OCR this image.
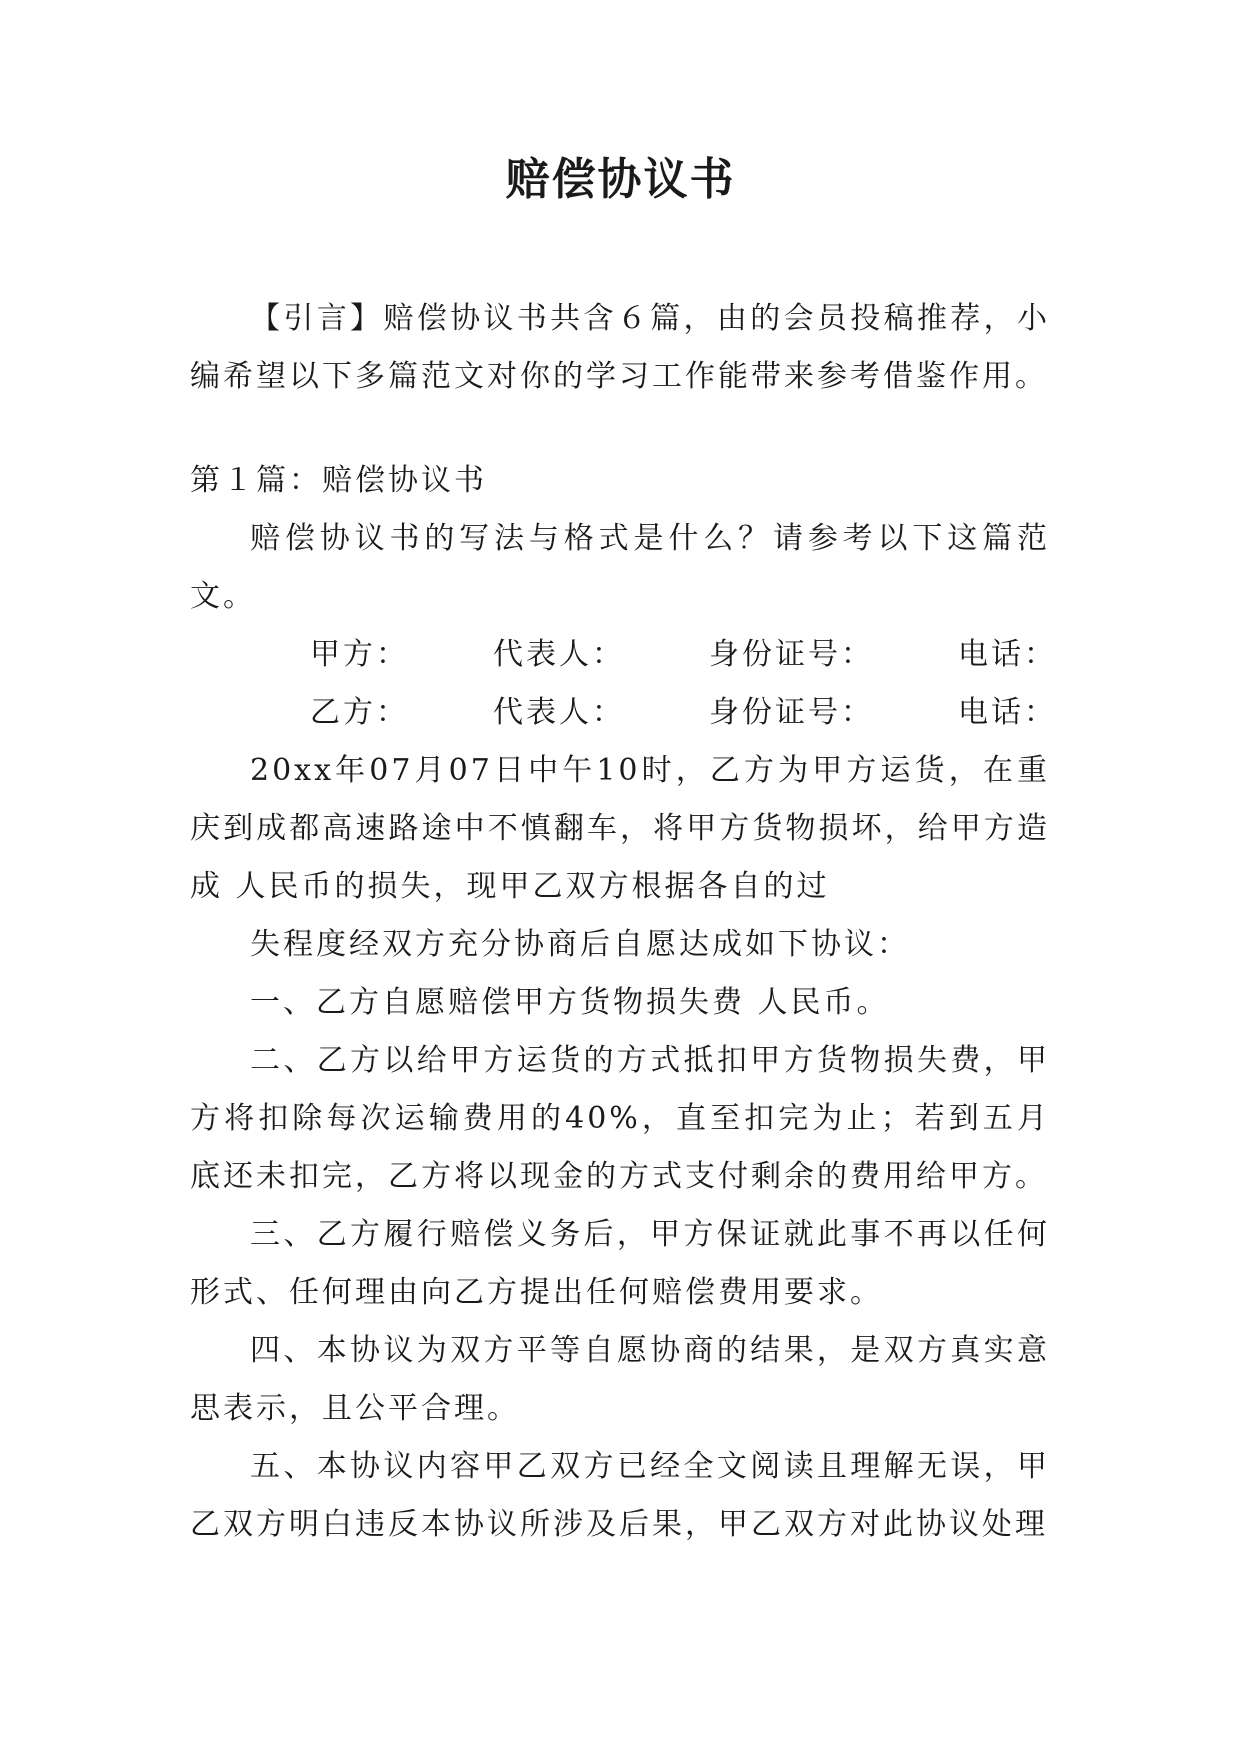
赔偿协议书

【引言】赔偿协议书共含６篇，由的会员投稿推荐，小编希望以下多篇范文对你的学习工作能带来参考借鉴作用。

第１篇：赔偿协议书

赔偿协议书的写法与格式是什么？请参考以下这篇范文。

甲方：	代表人：	身份证号：	电话：

乙方：	代表人：	身份证号：	电话：

20xx年07月07日中午10时，乙方为甲方运货，在重庆到成都高速路途中不慎翻车，将甲方货物损坏，给甲方造成 人民币的损失，现甲乙双方根据各自的过

失程度经双方充分协商后自愿达成如下协议：

一、乙方自愿赔偿甲方货物损失费 人民币。

二、乙方以给甲方运货的方式抵扣甲方货物损失费，甲方将扣除每次运输费用的40%，直至扣完为止；若到五月底还未扣完，乙方将以现金的方式支付剩余的费用给甲方。

三、乙方履行赔偿义务后，甲方保证就此事不再以任何形式、任何理由向乙方提出任何赔偿费用要求。

四、本协议为双方平等自愿协商的结果，是双方真实意思表示，且公平合理。

五、本协议内容甲乙双方已经全文阅读且理解无误，甲乙双方明白违反本协议所涉及后果，甲乙双方对此协议处理
